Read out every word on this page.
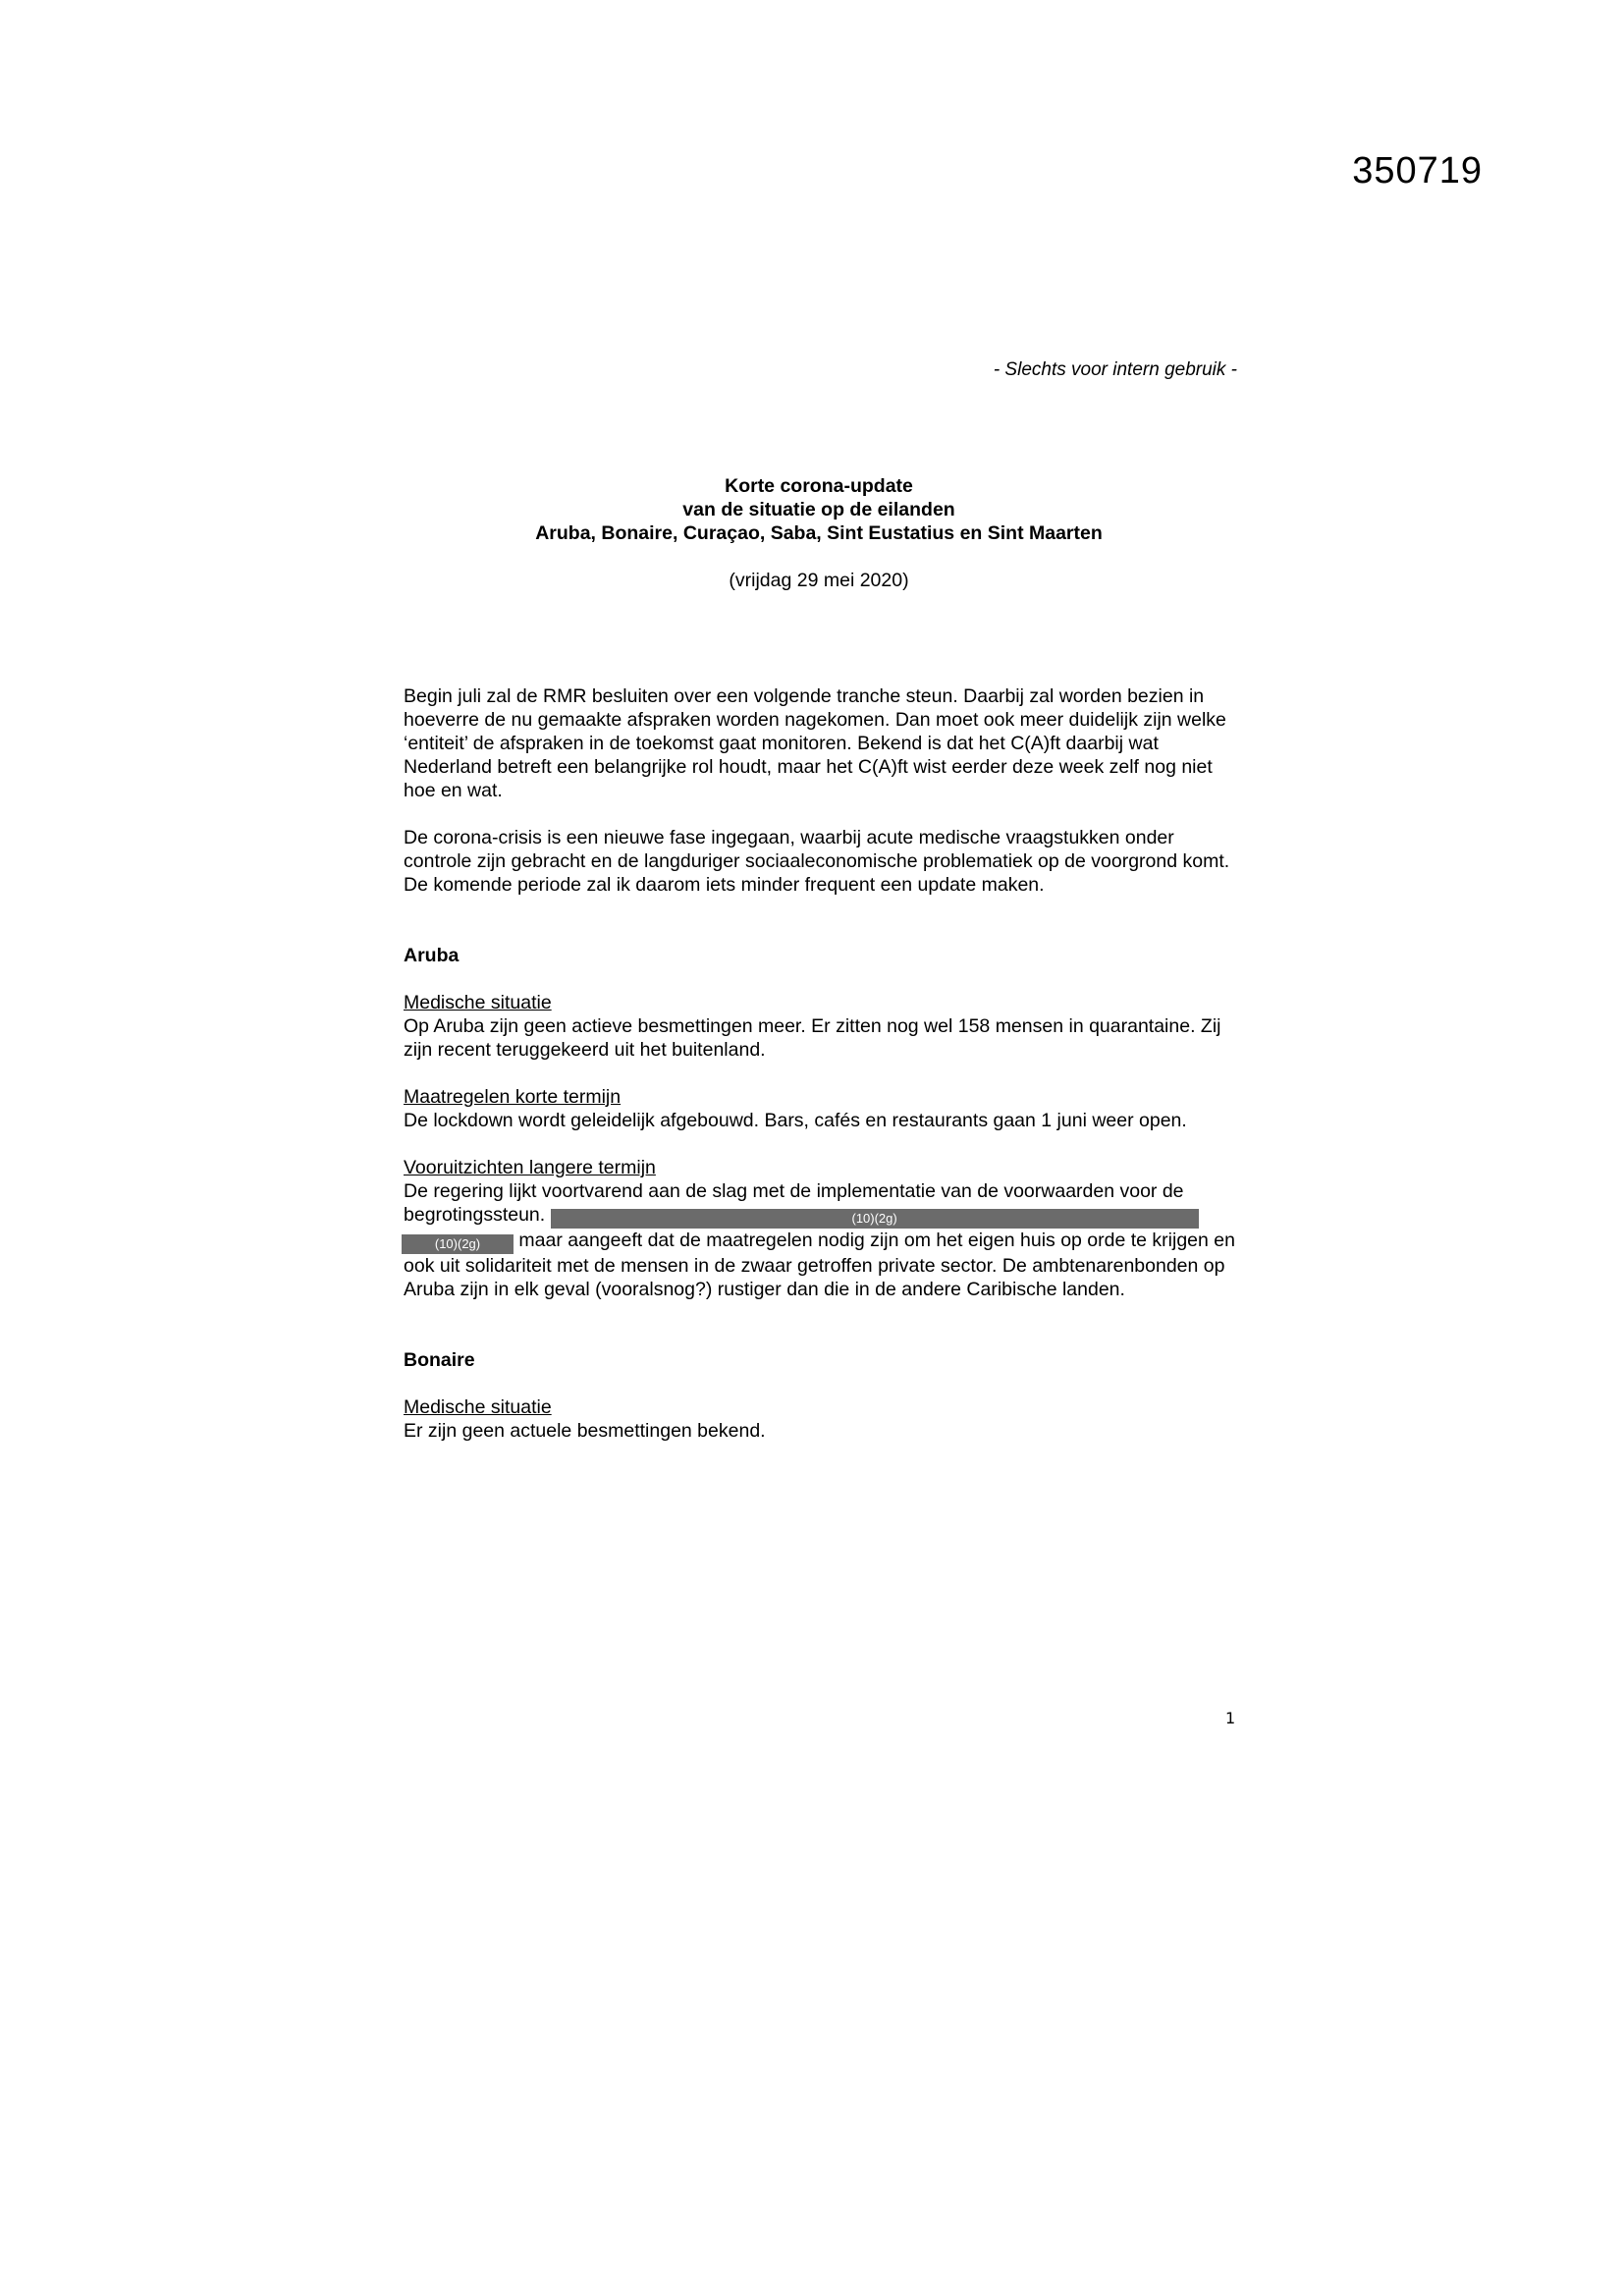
350719
- Slechts voor intern gebruik -
Korte corona-update
van de situatie op de eilanden
Aruba, Bonaire, Curaçao, Saba, Sint Eustatius en Sint Maarten
(vrijdag 29 mei 2020)

Begin juli zal de RMR besluiten over een volgende tranche steun. Daarbij zal worden bezien in hoeverre de nu gemaakte afspraken worden nagekomen. Dan moet ook meer duidelijk zijn welke ‘entiteit’ de afspraken in de toekomst gaat monitoren. Bekend is dat het C(A)ft daarbij wat Nederland betreft een belangrijke rol houdt, maar het C(A)ft wist eerder deze week zelf nog niet hoe en wat.

De corona-crisis is een nieuwe fase ingegaan, waarbij acute medische vraagstukken onder controle zijn gebracht en de langduriger sociaaleconomische problematiek op de voorgrond komt. De komende periode zal ik daarom iets minder frequent een update maken.

Aruba

Medische situatie

Op Aruba zijn geen actieve besmettingen meer. Er zitten nog wel 158 mensen in quarantaine. Zij zijn recent teruggekeerd uit het buitenland.

Maatregelen korte termijn

De lockdown wordt geleidelijk afgebouwd. Bars, cafés en restaurants gaan 1 juni weer open.

Vooruitzichten langere termijn

De regering lijkt voortvarend aan de slag met de implementatie van de voorwaarden voor de begrotingssteun.	(10)(2g)
(10)(2g) maar aangeeft dat de maatregelen nodig zijn om het eigen huis op orde te krijgen en ook uit solidariteit met de mensen in de zwaar getroffen private sector. De ambtenarenbonden op Aruba zijn in elk geval (vooralsnog?) rustiger dan die in de andere Caribische landen.

Bonaire

Medische situatie

Er zijn geen actuele besmettingen bekend.

1
